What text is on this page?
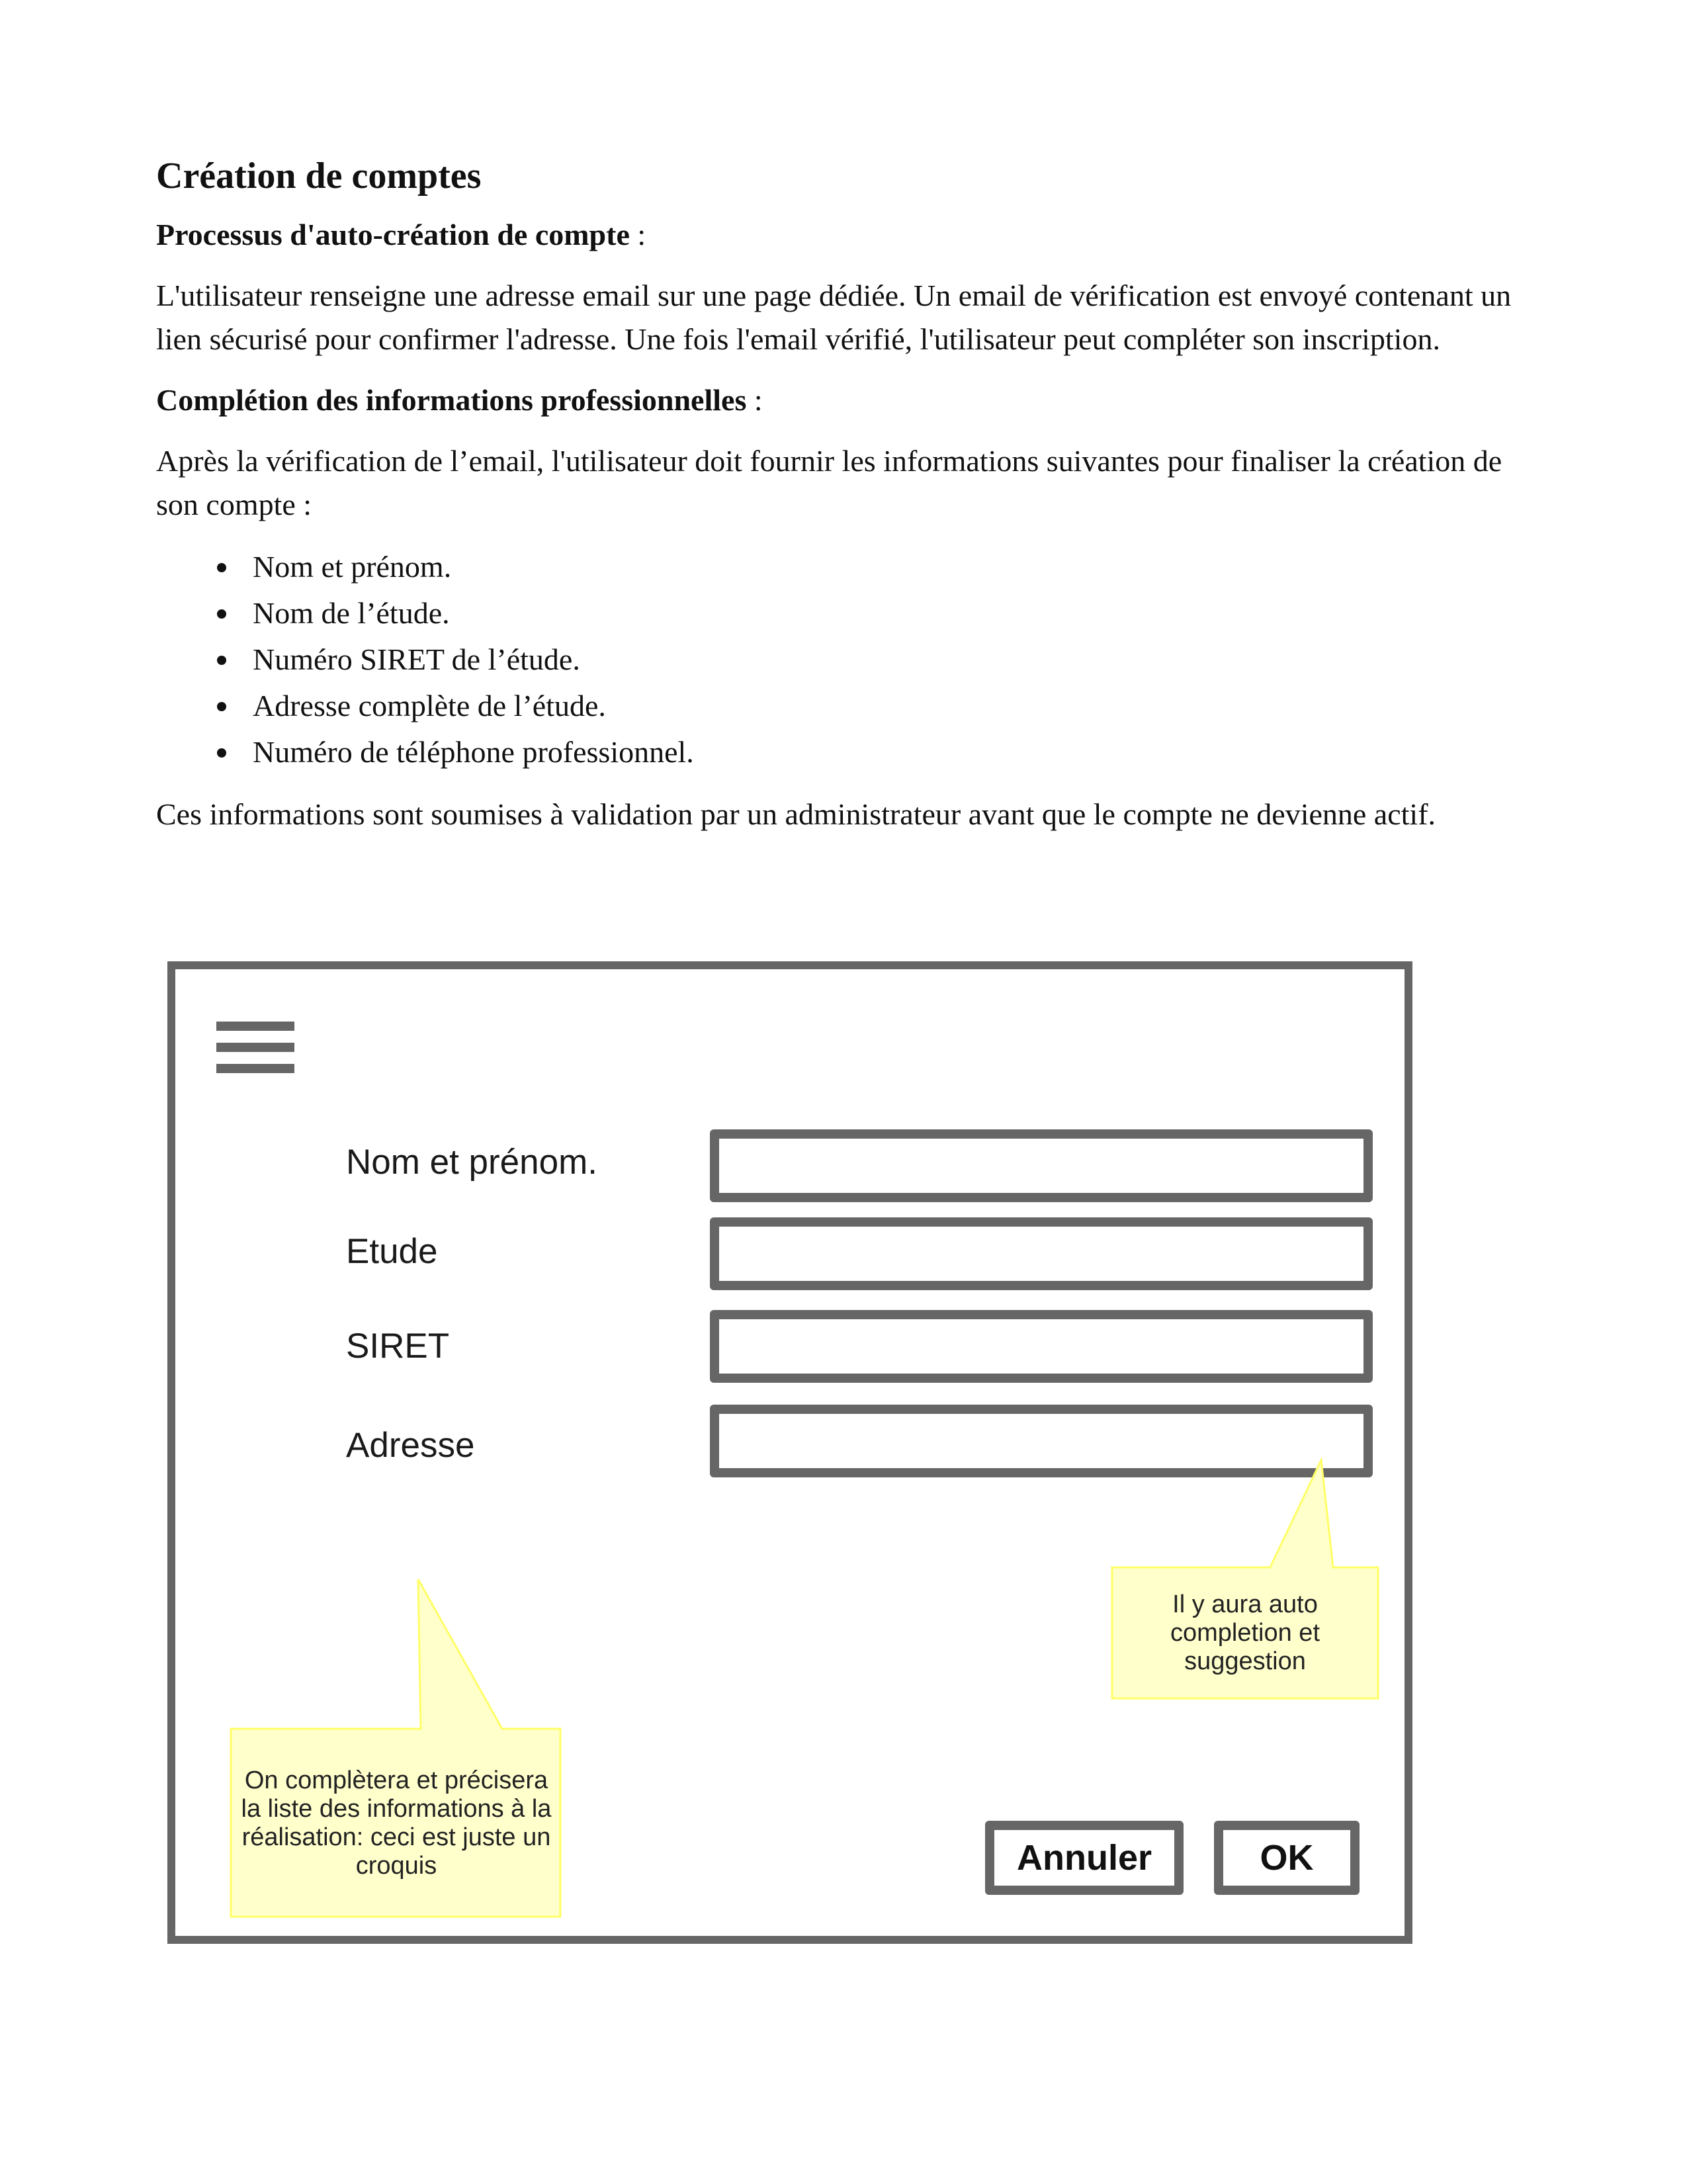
Création de comptes
Processus d'auto-création de compte :
L'utilisateur renseigne une adresse email sur une page dédiée. Un email de vérification est envoyé contenant un lien sécurisé pour confirmer l'adresse. Une fois l'email vérifié, l'utilisateur peut compléter son inscription.
Complétion des informations professionnelles :
Après la vérification de l’email, l'utilisateur doit fournir les informations suivantes pour finaliser la création de son compte :
Nom et prénom.
Nom de l’étude.
Numéro SIRET de l’étude.
Adresse complète de l’étude.
Numéro de téléphone professionnel.
Ces informations sont soumises à validation par un administrateur avant que le compte ne devienne actif.
Nom et prénom.
Etude
SIRET
Adresse
Il y aura auto completion et suggestion
On complètera et précisera la liste des informations à la réalisation: ceci est juste un croquis	Annuler	OK
